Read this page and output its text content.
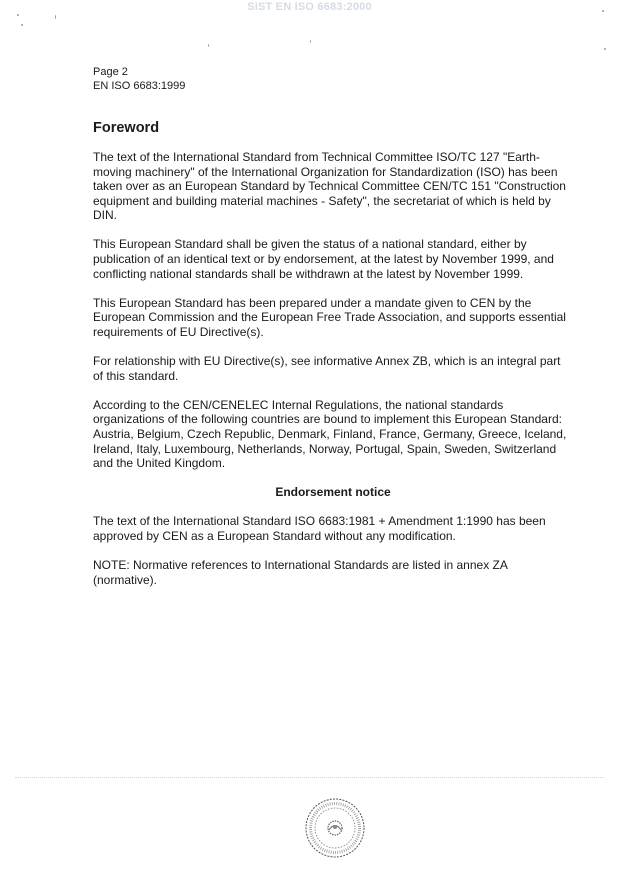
SIST EN ISO 6683:2000
Page 2
EN ISO 6683:1999
Foreword

The text of the International Standard from Technical Committee ISO/TC 127 "Earth-moving machinery" of the International Organization for Standardization (ISO) has been taken over as an European Standard by Technical Committee CEN/TC 151 "Construction equipment and building material machines - Safety", the secretariat of which is held by DIN.

This European Standard shall be given the status of a national standard, either by publication of an identical text or by endorsement, at the latest by November 1999, and conflicting national standards shall be withdrawn at the latest by November 1999.

This European Standard has been prepared under a mandate given to CEN by the European Commission and the European Free Trade Association, and supports essential requirements of EU Directive(s).

For relationship with EU Directive(s), see informative Annex ZB, which is an integral part of this standard.

According to the CEN/CENELEC Internal Regulations, the national standards organizations of the following countries are bound to implement this European Standard: Austria, Belgium, Czech Republic, Denmark, Finland, France, Germany, Greece, Iceland, Ireland, Italy, Luxembourg, Netherlands, Norway, Portugal, Spain, Sweden, Switzerland and the United Kingdom.

Endorsement notice

The text of the International Standard ISO 6683:1981 + Amendment 1:1990 has been approved by CEN as a European Standard without any modification.

NOTE: Normative references to International Standards are listed in annex ZA (normative).
